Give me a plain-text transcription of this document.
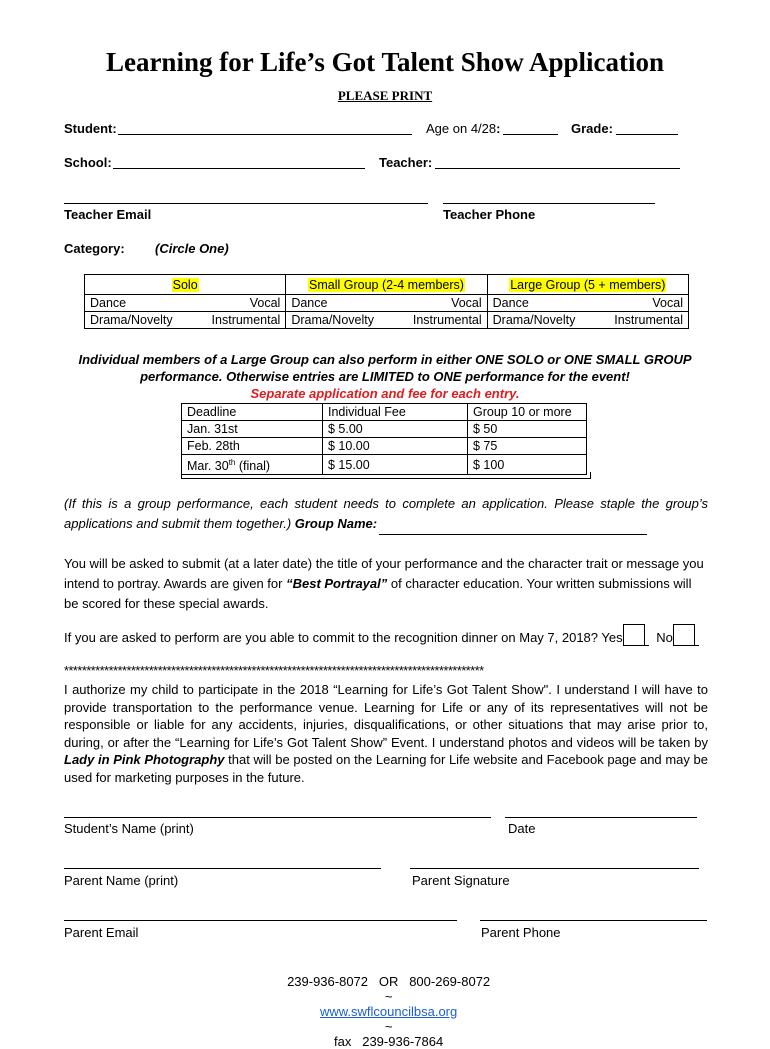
Learning for Life’s Got Talent Show Application
PLEASE PRINT
Student:	Age on 4/28:	Grade:
School:	Teacher:
Teacher Email	Teacher Phone
Category: (Circle One)
Solo	Small Group (2-4 members)	Large Group (5 + members)

Dance Vocal	Dance Vocal	Dance Vocal

Drama/Novelty Instrumental	Drama/Novelty Instrumental	Drama/Novelty Instrumental
Individual members of a Large Group can also perform in either ONE SOLO or ONE SMALL GROUP
performance. Otherwise entries are LIMITED to ONE performance for the event!
Separate application and fee for each entry.
Deadline	Individual Fee	Group 10 or more
Jan. 31st	$ 5.00	$ 50
Feb. 28th	$ 10.00	$ 75
Mar. 30th (final)	$ 15.00	$ 100
(If this is a group performance, each student needs to complete an application. Please staple the group’s applications and submit them together.) Group Name:
You will be asked to submit (at a later date) the title of your performance and the character trait or message you intend to portray. Awards are given for “Best Portrayal” of character education. Your written submissions will be scored for these special awards.
If you are asked to perform are you able to commit to the recognition dinner on May 7, 2018? Yes	No
**********************************************************************************************
I authorize my child to participate in the 2018 “Learning for Life’s Got Talent Show". I understand I will have to provide transportation to the performance venue. Learning for Life or any of its representatives will not be responsible or liable for any accidents, injuries, disqualifications, or other situations that may arise prior to, during, or after the “Learning for Life’s Got Talent Show” Event. I understand photos and videos will be taken by Lady in Pink Photography that will be posted on the Learning for Life website and Facebook page and may be used for marketing purposes in the future.
Student’s Name (print)	Date
Parent Name (print)	Parent Signature
Parent Email	Parent Phone

239-936-8072   OR   800-269-8072
~
www.swflcouncilbsa.org
~
fax   239-936-7864
